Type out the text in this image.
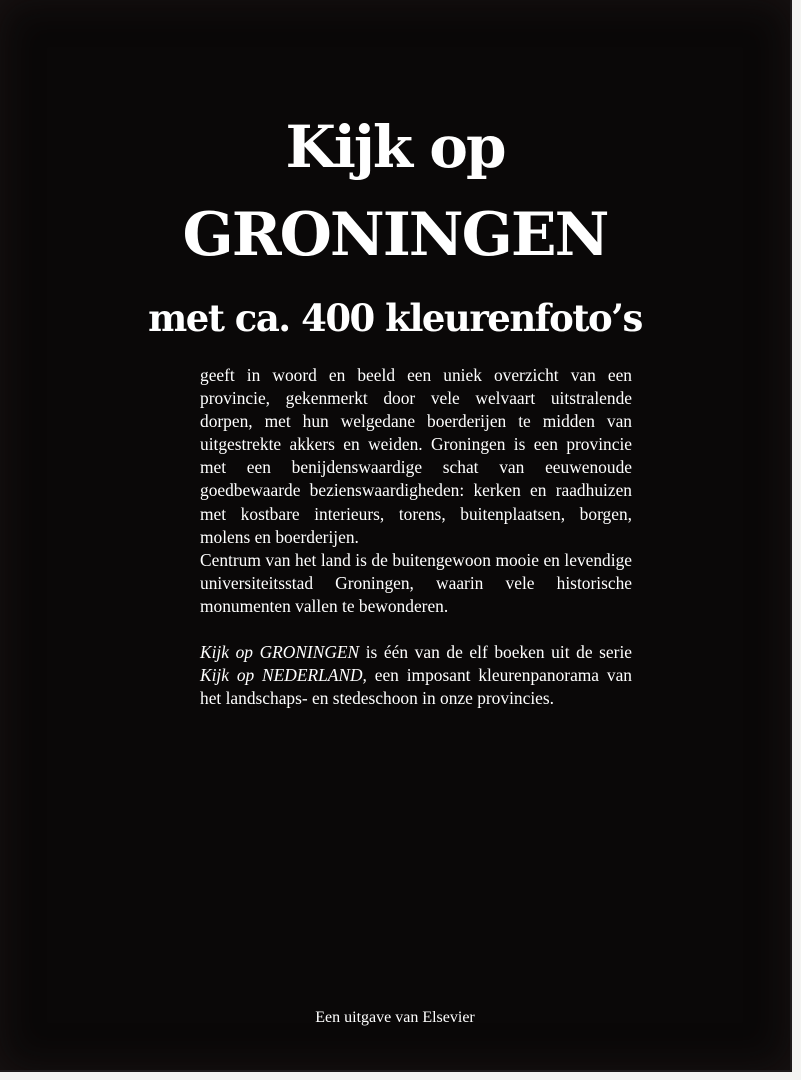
Kijk op
GRONINGEN
met ca. 400 kleurenfoto’s

geeft in woord en beeld een uniek overzicht van een provincie, gekenmerkt door vele welvaart uitstralende dorpen, met hun welgedane boerderijen te midden van uitgestrekte akkers en weiden. Groningen is een provincie met een benijdenswaardige schat van eeuwenoude goedbewaarde bezienswaardigheden: kerken en raadhuizen met kostbare interieurs, torens, buitenplaatsen, borgen, molens en boerderijen.

Centrum van het land is de buitengewoon mooie en levendige universiteitsstad Groningen, waarin vele historische monumenten vallen te bewonderen.

Kijk op GRONINGEN is één van de elf boeken uit de serie Kijk op NEDERLAND, een imposant kleurenpanorama van het landschaps- en stedeschoon in onze provincies.

Een uitgave van Elsevier
